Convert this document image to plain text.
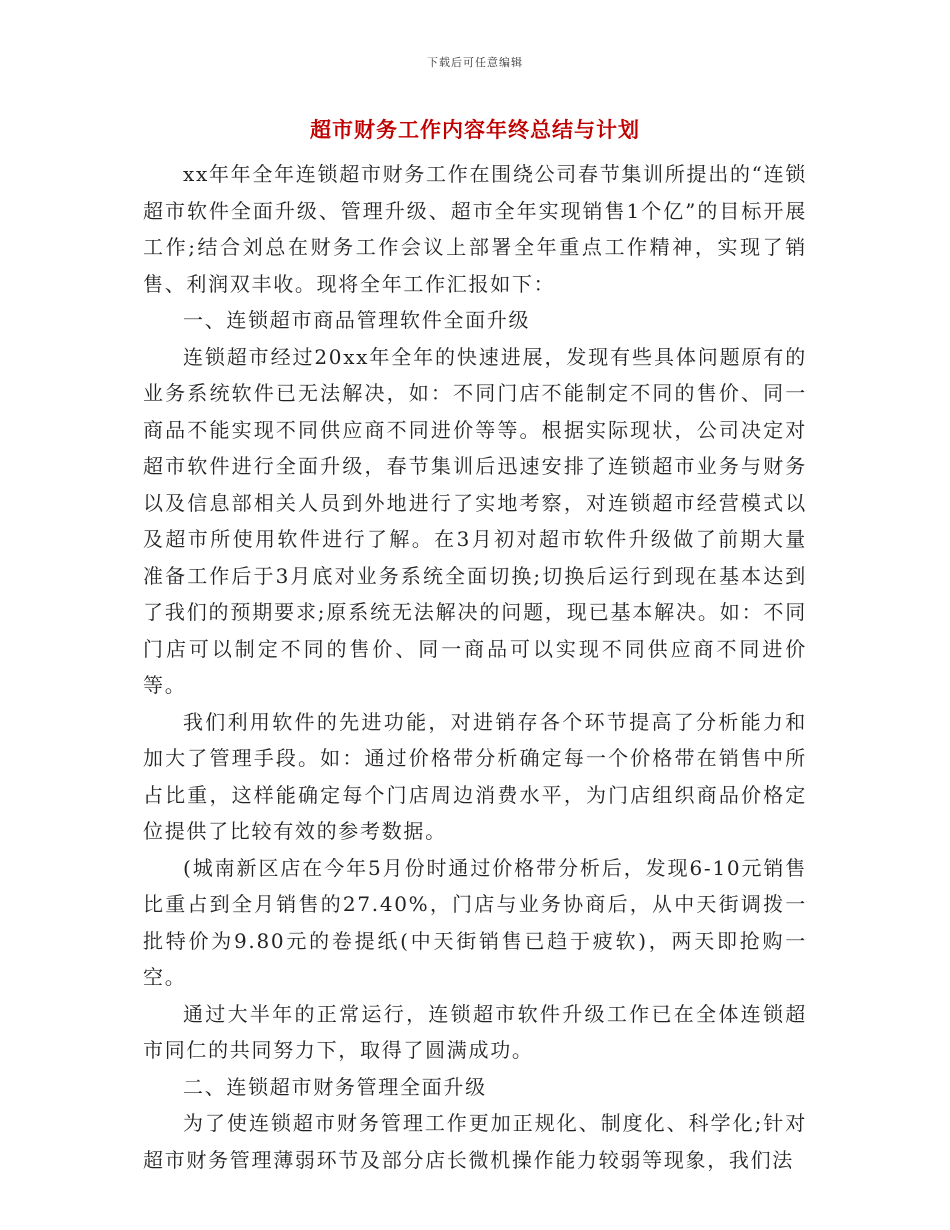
下载后可任意编辑
超市财务工作内容年终总结与计划

xx年年全年连锁超市财务工作在围绕公司春节集训所提出的“连锁超市软件全面升级、管理升级、超市全年实现销售1个亿”的目标开展工作;结合刘总在财务工作会议上部署全年重点工作精神，实现了销售、利润双丰收。现将全年工作汇报如下：

一、连锁超市商品管理软件全面升级

连锁超市经过20xx年全年的快速进展，发现有些具体问题原有的业务系统软件已无法解决，如：不同门店不能制定不同的售价、同一商品不能实现不同供应商不同进价等等。根据实际现状，公司决定对超市软件进行全面升级，春节集训后迅速安排了连锁超市业务与财务以及信息部相关人员到外地进行了实地考察，对连锁超市经营模式以及超市所使用软件进行了解。在3月初对超市软件升级做了前期大量准备工作后于3月底对业务系统全面切换;切换后运行到现在基本达到了我们的预期要求;原系统无法解决的问题，现已基本解决。如：不同门店可以制定不同的售价、同一商品可以实现不同供应商不同进价等。

我们利用软件的先进功能，对进销存各个环节提高了分析能力和加大了管理手段。如：通过价格带分析确定每一个价格带在销售中所占比重，这样能确定每个门店周边消费水平，为门店组织商品价格定位提供了比较有效的参考数据。

(城南新区店在今年5月份时通过价格带分析后，发现6-10元销售比重占到全月销售的27.40%，门店与业务协商后，从中天街调拨一批特价为9.80元的卷提纸(中天街销售已趋于疲软)，两天即抢购一空。

通过大半年的正常运行，连锁超市软件升级工作已在全体连锁超市同仁的共同努力下，取得了圆满成功。

二、连锁超市财务管理全面升级

为了使连锁超市财务管理工作更加正规化、制度化、科学化;针对超市财务管理薄弱环节及部分店长微机操作能力较弱等现象，我们法
